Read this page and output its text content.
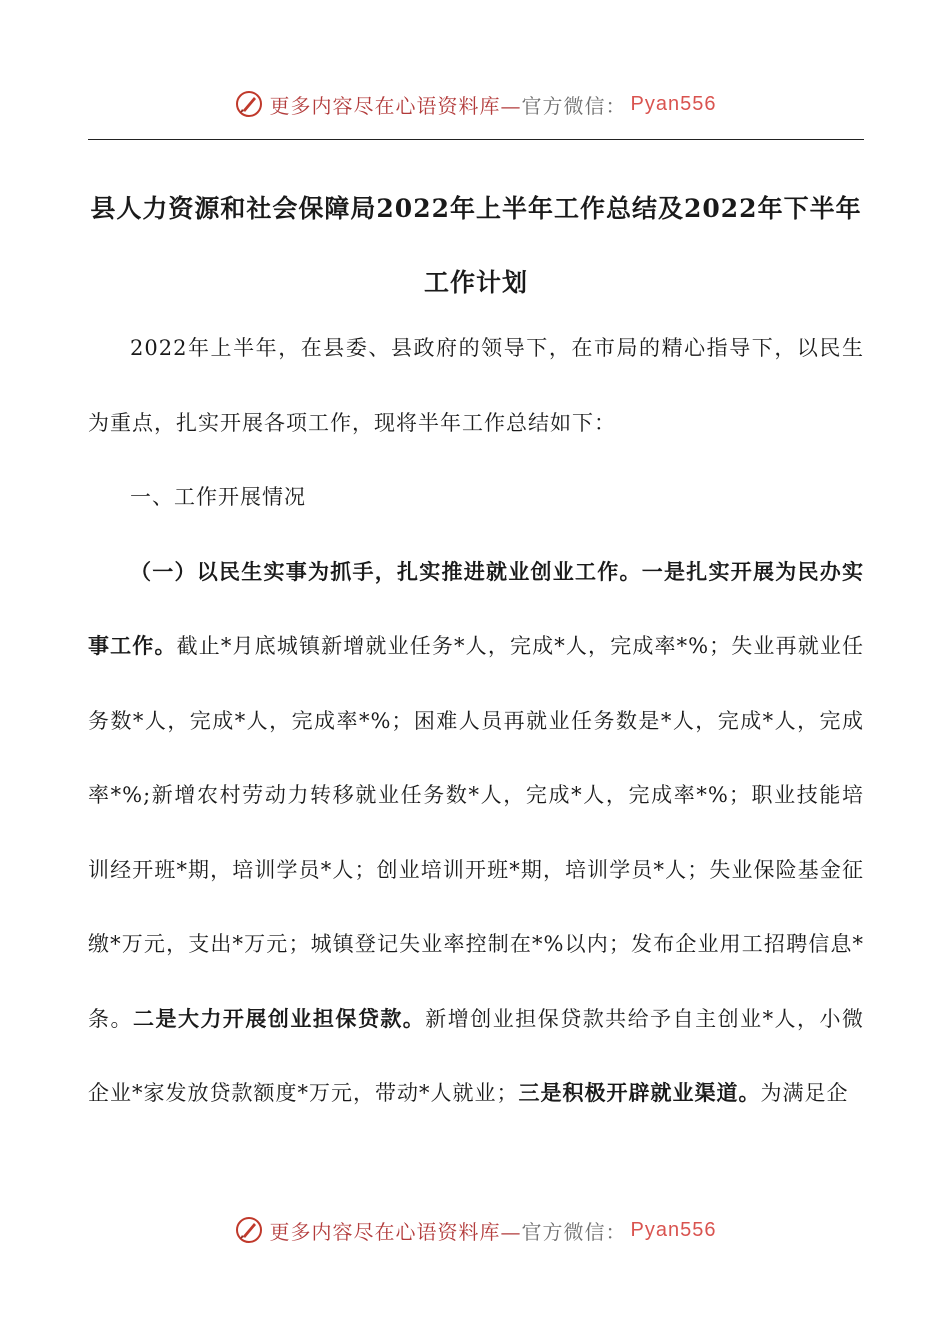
更多内容尽在心语资料库— 官方微信： Pyan556
县人力资源和社会保障局2022年上半年工作总结及2022年下半年工作计划

2022年上半年，在县委、县政府的领导下，在市局的精心指导下，以民生为重点，扎实开展各项工作，现将半年工作总结如下：

一、工作开展情况

（一）以民生实事为抓手，扎实推进就业创业工作。一是扎实开展为民办实事工作。截止*月底城镇新增就业任务*人，完成*人，完成率*%；失业再就业任务数*人，完成*人，完成率*%；困难人员再就业任务数是*人，完成*人，完成率*%;新增农村劳动力转移就业任务数*人，完成*人，完成率*%；职业技能培训经开班*期，培训学员*人；创业培训开班*期，培训学员*人；失业保险基金征缴*万元，支出*万元；城镇登记失业率控制在*%以内；发布企业用工招聘信息*条。二是大力开展创业担保贷款。新增创业担保贷款共给予自主创业*人，小微企业*家发放贷款额度*万元，带动*人就业；三是积极开辟就业渠道。为满足企

更多内容尽在心语资料库— 官方微信： Pyan556
